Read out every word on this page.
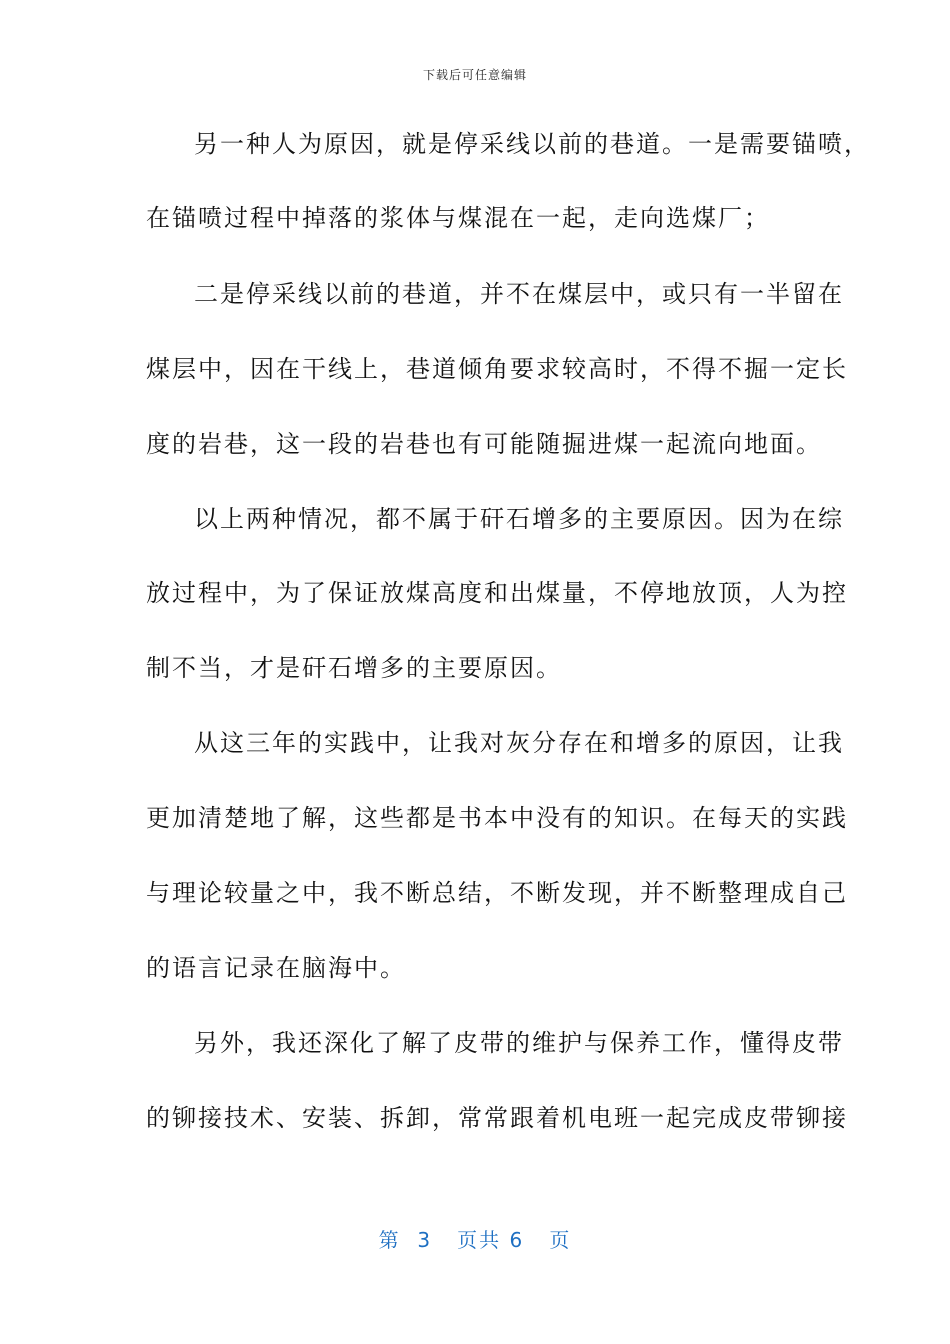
下载后可任意编辑
另一种人为原因，就是停采线以前的巷道。一是需要锚喷，
在锚喷过程中掉落的浆体与煤混在一起，走向选煤厂；
二是停采线以前的巷道，并不在煤层中，或只有一半留在
煤层中，因在干线上，巷道倾角要求较高时，不得不掘一定长
度的岩巷，这一段的岩巷也有可能随掘进煤一起流向地面。
以上两种情况，都不属于矸石增多的主要原因。因为在综
放过程中，为了保证放煤高度和出煤量，不停地放顶，人为控
制不当，才是矸石增多的主要原因。
从这三年的实践中，让我对灰分存在和增多的原因，让我
更加清楚地了解，这些都是书本中没有的知识。在每天的实践
与理论较量之中，我不断总结，不断发现，并不断整理成自己
的语言记录在脑海中。
另外，我还深化了解了皮带的维护与保养工作，懂得皮带
的铆接技术、安装、拆卸，常常跟着机电班一起完成皮带铆接
第 3 页共 6 页
